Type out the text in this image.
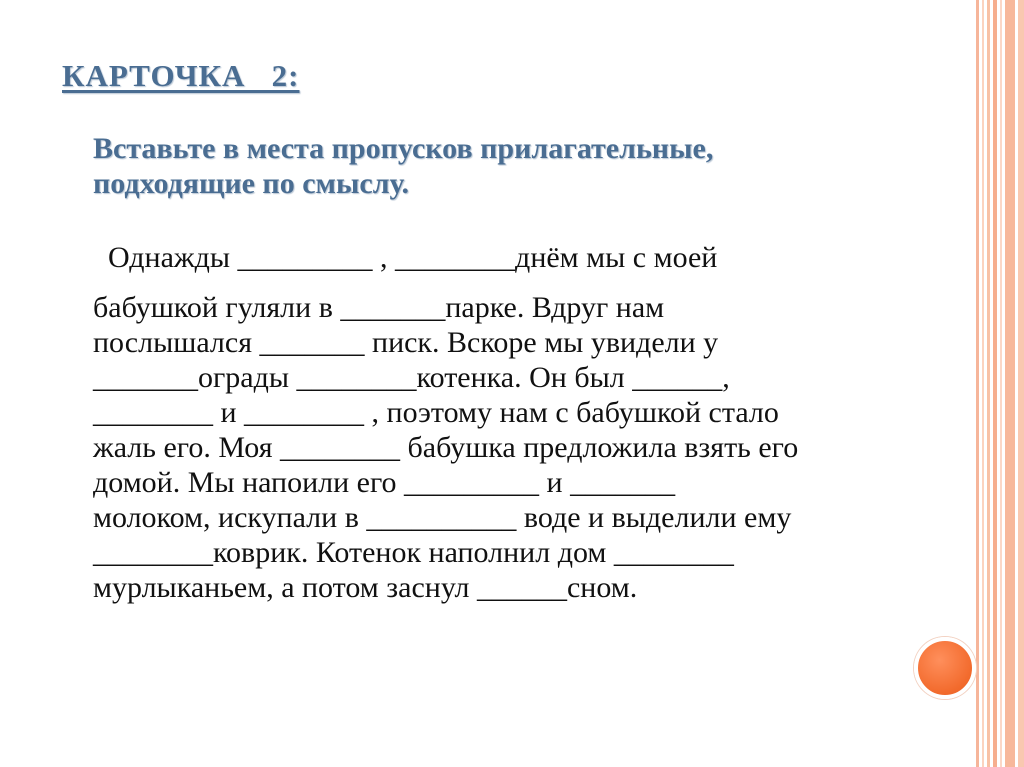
КАРТОЧКА   2:
Вставьте в места пропусков прилагательные,
подходящие по смыслу.
Однажды _________ , ________днём мы с моей
бабушкой гуляли в _______парке. Вдруг нам
послышался _______ писк. Вскоре мы увидели у
_______ограды ________котенка. Он был ______,
________ и ________ , поэтому нам с бабушкой стало
жаль его. Моя ________ бабушка предложила взять его
домой. Мы напоили его _________ и _______
молоком, искупали в __________ воде и выделили ему
________коврик. Котенок наполнил дом ________
мурлыканьем, а потом заснул ______сном.
